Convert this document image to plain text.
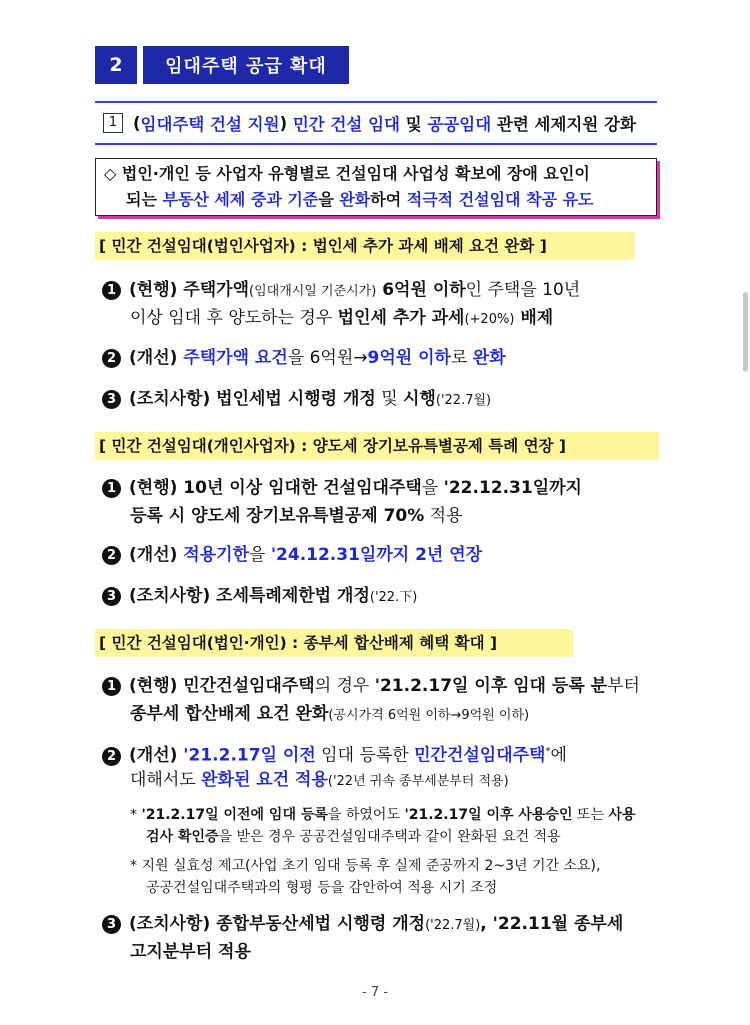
2	임대주택 공급 확대
1 ( 임대주택 건설 지원 ) 민간 건설 임대 및 공공임대 관련 세제지원 강화
◇ 법인·개인 등 사업자 유형별로 건설임대 사업성 확보에 장애 요인이
되는 부동산 세제 중과 기준을 완화하여 적극적 건설임대 착공 유도
[ 민간 건설임대(법인사업자) : 법인세 추가 과세 배제 요건 완화 ]
1 (현행) 주택가액(임대개시일 기준시가) 6억원 이하인 주택을 10년
이상 임대 후 양도하는 경우 법인세 추가 과세(+20%) 배제
2 (개선) 주택가액 요건을 6억원→9억원 이하로 완화
3 (조치사항) 법인세법 시행령 개정 및 시행('22.7월)
[ 민간 건설임대(개인사업자) : 양도세 장기보유특별공제 특례 연장 ]
1 (현행) 10년 이상 임대한 건설임대주택을 '22.12.31일까지
등록 시 양도세 장기보유특별공제 70% 적용
2 (개선) 적용기한을 '24.12.31일까지 2년 연장
3 (조치사항) 조세특례제한법 개정('22.下)
[ 민간 건설임대(법인·개인) : 종부세 합산배제 혜택 확대 ]
1 (현행) 민간건설임대주택의 경우 '21.2.17일 이후 임대 등록 분부터
종부세 합산배제 요건 완화(공시가격 6억원 이하→9억원 이하)
2 (개선) '21.2.17일 이전 임대 등록한 민간건설임대주택*에
대해서도 완화된 요건 적용('22년 귀속 종부세분부터 적용)
* '21.2.17일 이전에 임대 등록을 하였어도 '21.2.17일 이후 사용승인 또는 사용
검사 확인증을 받은 경우 공공건설임대주택과 같이 완화된 요건 적용
* 지원 실효성 제고(사업 초기 임대 등록 후 실제 준공까지 2~3년 기간 소요),
공공건설임대주택과의 형평 등을 감안하여 적용 시기 조정
3 (조치사항) 종합부동산세법 시행령 개정('22.7월), '22.11월 종부세
고지분부터 적용
- 7 -
